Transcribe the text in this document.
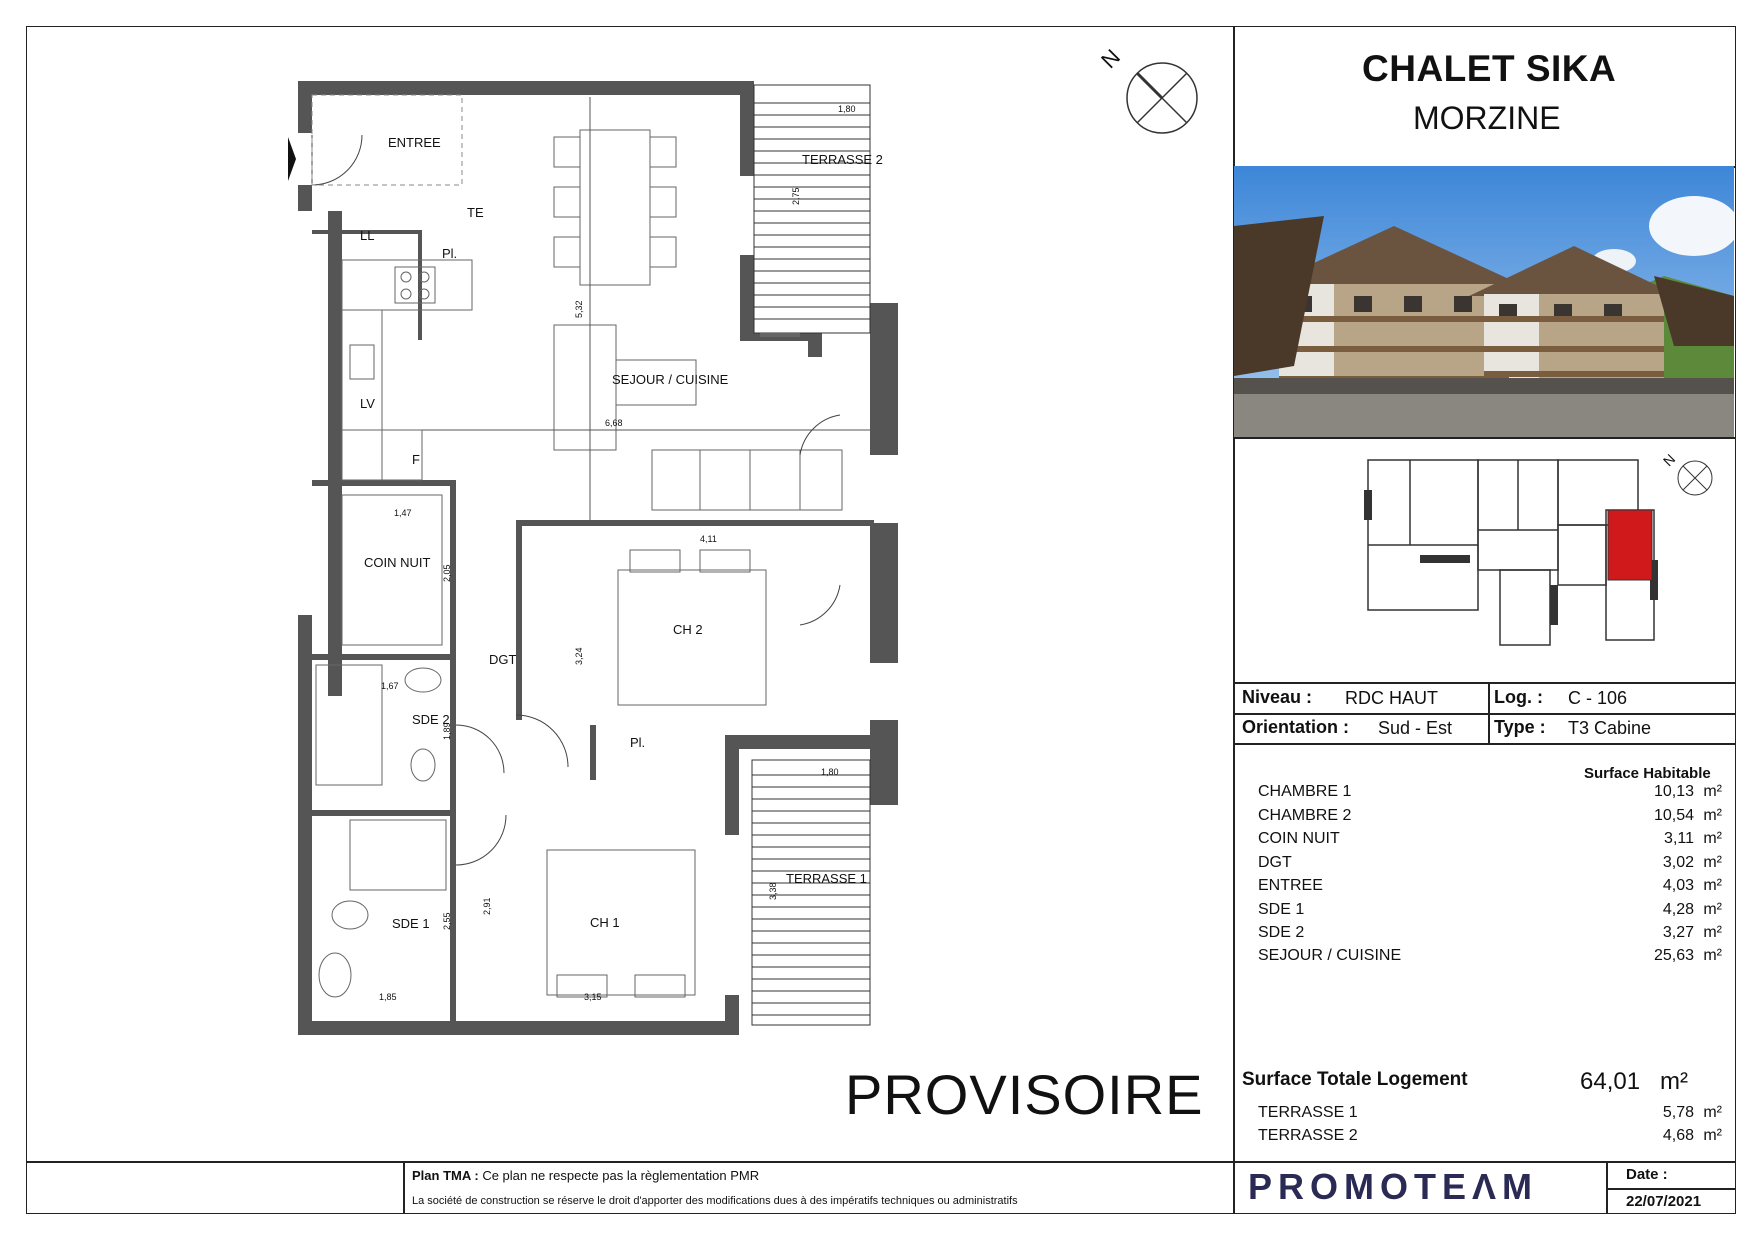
N
ENTREE
TERRASSE 2
TE
LL
Pl.
LV
SEJOUR / CUISINE
F
COIN NUIT
DGT
CH 2
SDE 2
Pl.
CH 1
TERRASSE 1
SDE 1
1,80
2,75
5,32
6,68
1,47
2,05
4,11
3,24
1,67
1,89
1,80
3,38
2,55
2,91
1,85	3,15
PROVISOIRE
CHALET SIKA
MORZINE
N
Niveau : RDC HAUT	Log. : C - 106
Orientation : Sud - Est Type : T3 Cabine
Surface Habitable
CHAMBRE 1	10,13 m²
CHAMBRE 2	10,54 m²
COIN NUIT	3,11 m²
DGT	3,02 m²
ENTREE	4,03 m²
SDE 1	4,28 m²
SDE 2	3,27 m²
SEJOUR / CUISINE	25,63 m²
Surface Totale Logement	64,01 m²
TERRASSE 1	5,78 m²
TERRASSE 2	4,68 m²
Plan TMA : Ce plan ne respecte pas la règlementation PMR
La société de construction se réserve le droit d'apporter des modifications dues à des impératifs techniques ou administratifs	PROMOTEΛM	Date :
22/07/2021
